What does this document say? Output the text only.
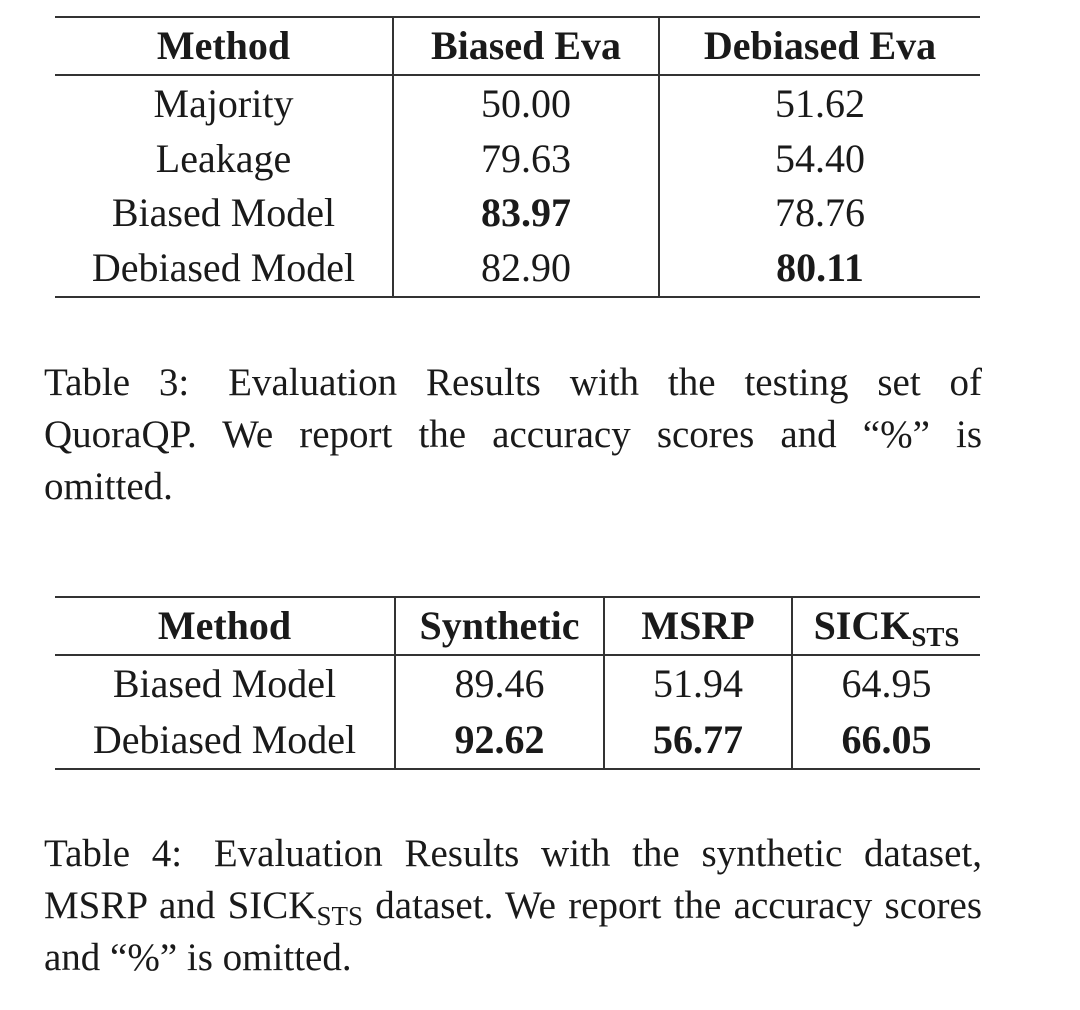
Method	Biased Eva	Debiased Eva
Majority	50.00	51.62
Leakage	79.63	54.40
Biased Model	83.97	78.76
Debiased Model	82.90	80.11

Table 3: Evaluation Results with the testing set of QuoraQP. We report the accuracy scores and “%” is omitted.

Method	Synthetic	MSRP	$SICK_{STS}$
Biased Model	89.46	51.94	64.95
Debiased Model	92.62	56.77	66.05

Table 4: Evaluation Results with the synthetic dataset, MSRP and $SICK_{STS}$ dataset. We report the accuracy scores and “%” is omitted.
